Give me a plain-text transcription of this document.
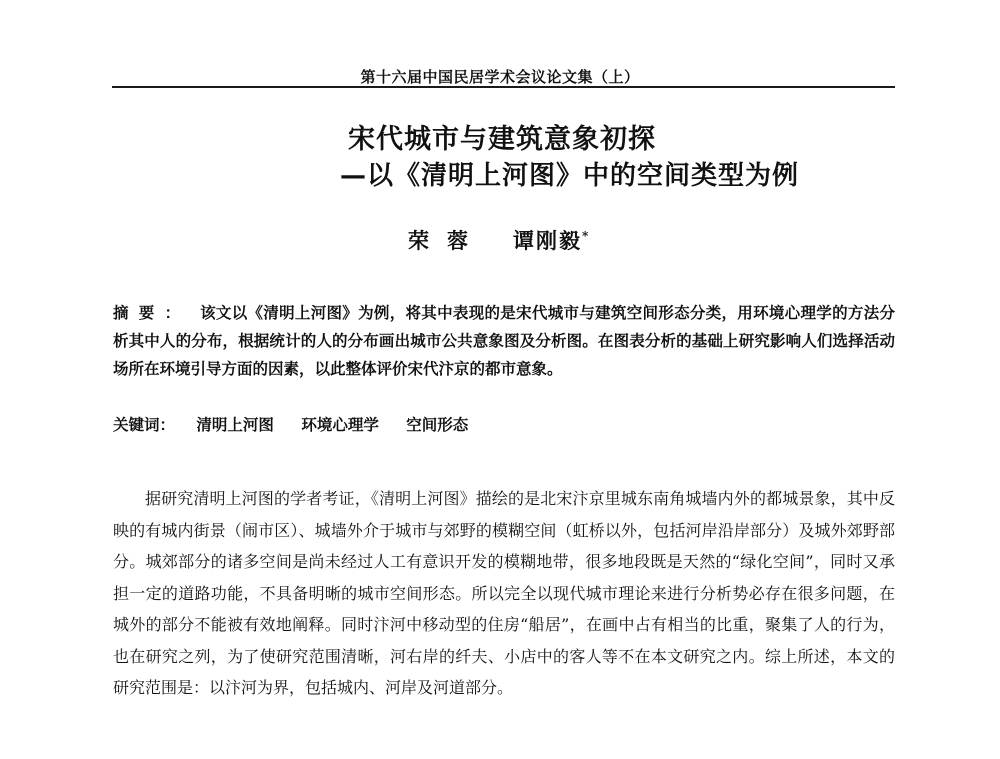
第十六届中国民居学术会议论文集（上）
宋代城市与建筑意象初探
—以《清明上河图》中的空间类型为例
荣蓉 谭刚毅*
摘要： 该文以《清明上河图》为例，将其中表现的是宋代城市与建筑空间形态分类，用环境心理学的方法分析其中人的分布，根据统计的人的分布画出城市公共意象图及分析图。在图表分析的基础上研究影响人们选择活动场所在环境引导方面的因素，以此整体评价宋代汴京的都市意象。
关键词： 清明上河图 环境心理学 空间形态
据研究清明上河图的学者考证，《清明上河图》描绘的是北宋汴京里城东南角城墙内外的都城景象，其中反映的有城内街景（闹市区）、城墙外介于城市与郊野的模糊空间（虹桥以外，包括河岸沿岸部分）及城外郊野部分。城郊部分的诸多空间是尚未经过人工有意识开发的模糊地带，很多地段既是天然的“绿化空间”，同时又承担一定的道路功能，不具备明晰的城市空间形态。所以完全以现代城市理论来进行分析势必存在很多问题，在城外的部分不能被有效地阐释。同时汴河中移动型的住房“船居”，在画中占有相当的比重，聚集了人的行为，也在研究之列，为了使研究范围清晰，河右岸的纤夫、小店中的客人等不在本文研究之内。综上所述，本文的研究范围是：以汴河为界，包括城内、河岸及河道部分。
